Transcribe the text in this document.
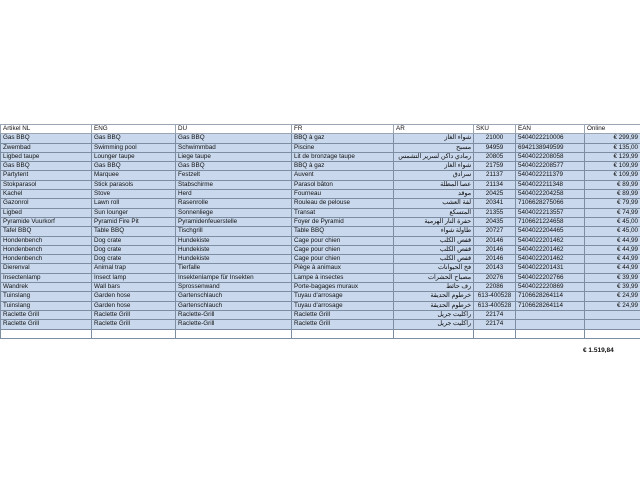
Artikel NL	ENG	DU	FR	AR	SKU	EAN	Online
Gas BBQ	Gas BBQ	Gas BBQ	BBQ à gaz	شواء الغاز	21000	5404022210006	€ 299,99
Zwembad	Swimming pool	Schwimmbad	Piscine	مسبح	94959	6942138949599	€ 135,00
Ligbed taupe	Lounger taupe	Liege taupe	Lit de bronzage taupe	رمادي داكن لسرير التشمس	20805	5404022208058	€ 129,99
Gas BBQ	Gas BBQ	Gas BBQ	BBQ à gaz	شواء الغاز	21759	5404022208577	€ 109,99
Partytent	Marquee	Festzelt	Auvent	سرادق	21137	5404022211379	€ 109,99
Stokparasol	Stick parasols	Stabschirme	Parasol bâton	عصا المظلة	21134	5404022211348	€ 89,99
Kachel	Stove	Herd	Fourneau	موقد	20425	5404022204258	€ 89,99
Gazonrol	Lawn roll	Rasenrolle	Rouleau de pelouse	لفة العشب	20341	7106628275066	€ 79,99
Ligbed	Sun lounger	Sonnenliege	Transat	المتسكع	21355	5404022213557	€ 74,99
Pyramide Vuurkorf	Pyramid Fire Pit	Pyramidenfeuerstelle	Foyer de Pyramid	حفرة النار الهرمية	20435	7106621224658	€ 45,00
Tafel BBQ	Table BBQ	Tischgrill	Table BBQ	طاولة شواء	20727	5404022204465	€ 45,00
Hondenbench	Dog crate	Hundekiste	Cage pour chien	قفص الكلب	20146	5404022201462	€ 44,99
Hondenbench	Dog crate	Hundekiste	Cage pour chien	قفص الكلب	20146	5404022201462	€ 44,99
Hondenbench	Dog crate	Hundekiste	Cage pour chien	قفص الكلب	20146	5404022201462	€ 44,99
Dierenval	Animal trap	Tierfalle	Piège à animaux	فخ الحيوانات	20143	5404022201431	€ 44,99
Insectenlamp	Insect lamp	Insektenlampe für Insekten	Lampe à insectes	مصباح الحشرات	20276	5404022202766	€ 39,99
Wandrek	Wall bars	Sprossenwand	Porte-bagages muraux	رف حائط	22086	5404022220869	€ 39,99
Tuinslang	Garden hose	Gartenschlauch	Tuyau d'arrosage	خرطوم الحديقة	613-400528	7106628264114	€ 24,99
Tuinslang	Garden hose	Gartenschlauch	Tuyau d'arrosage	خرطوم الحديقة	613-400528	7106628264114	€ 24,99
Raclette Grill	Raclette Grill	Raclette-Grill	Raclette Grill	راكليت جريل	22174		
Raclette Grill	Raclette Grill	Raclette-Grill	Raclette Grill	راكليت جريل	22174		

€ 1.519,84
